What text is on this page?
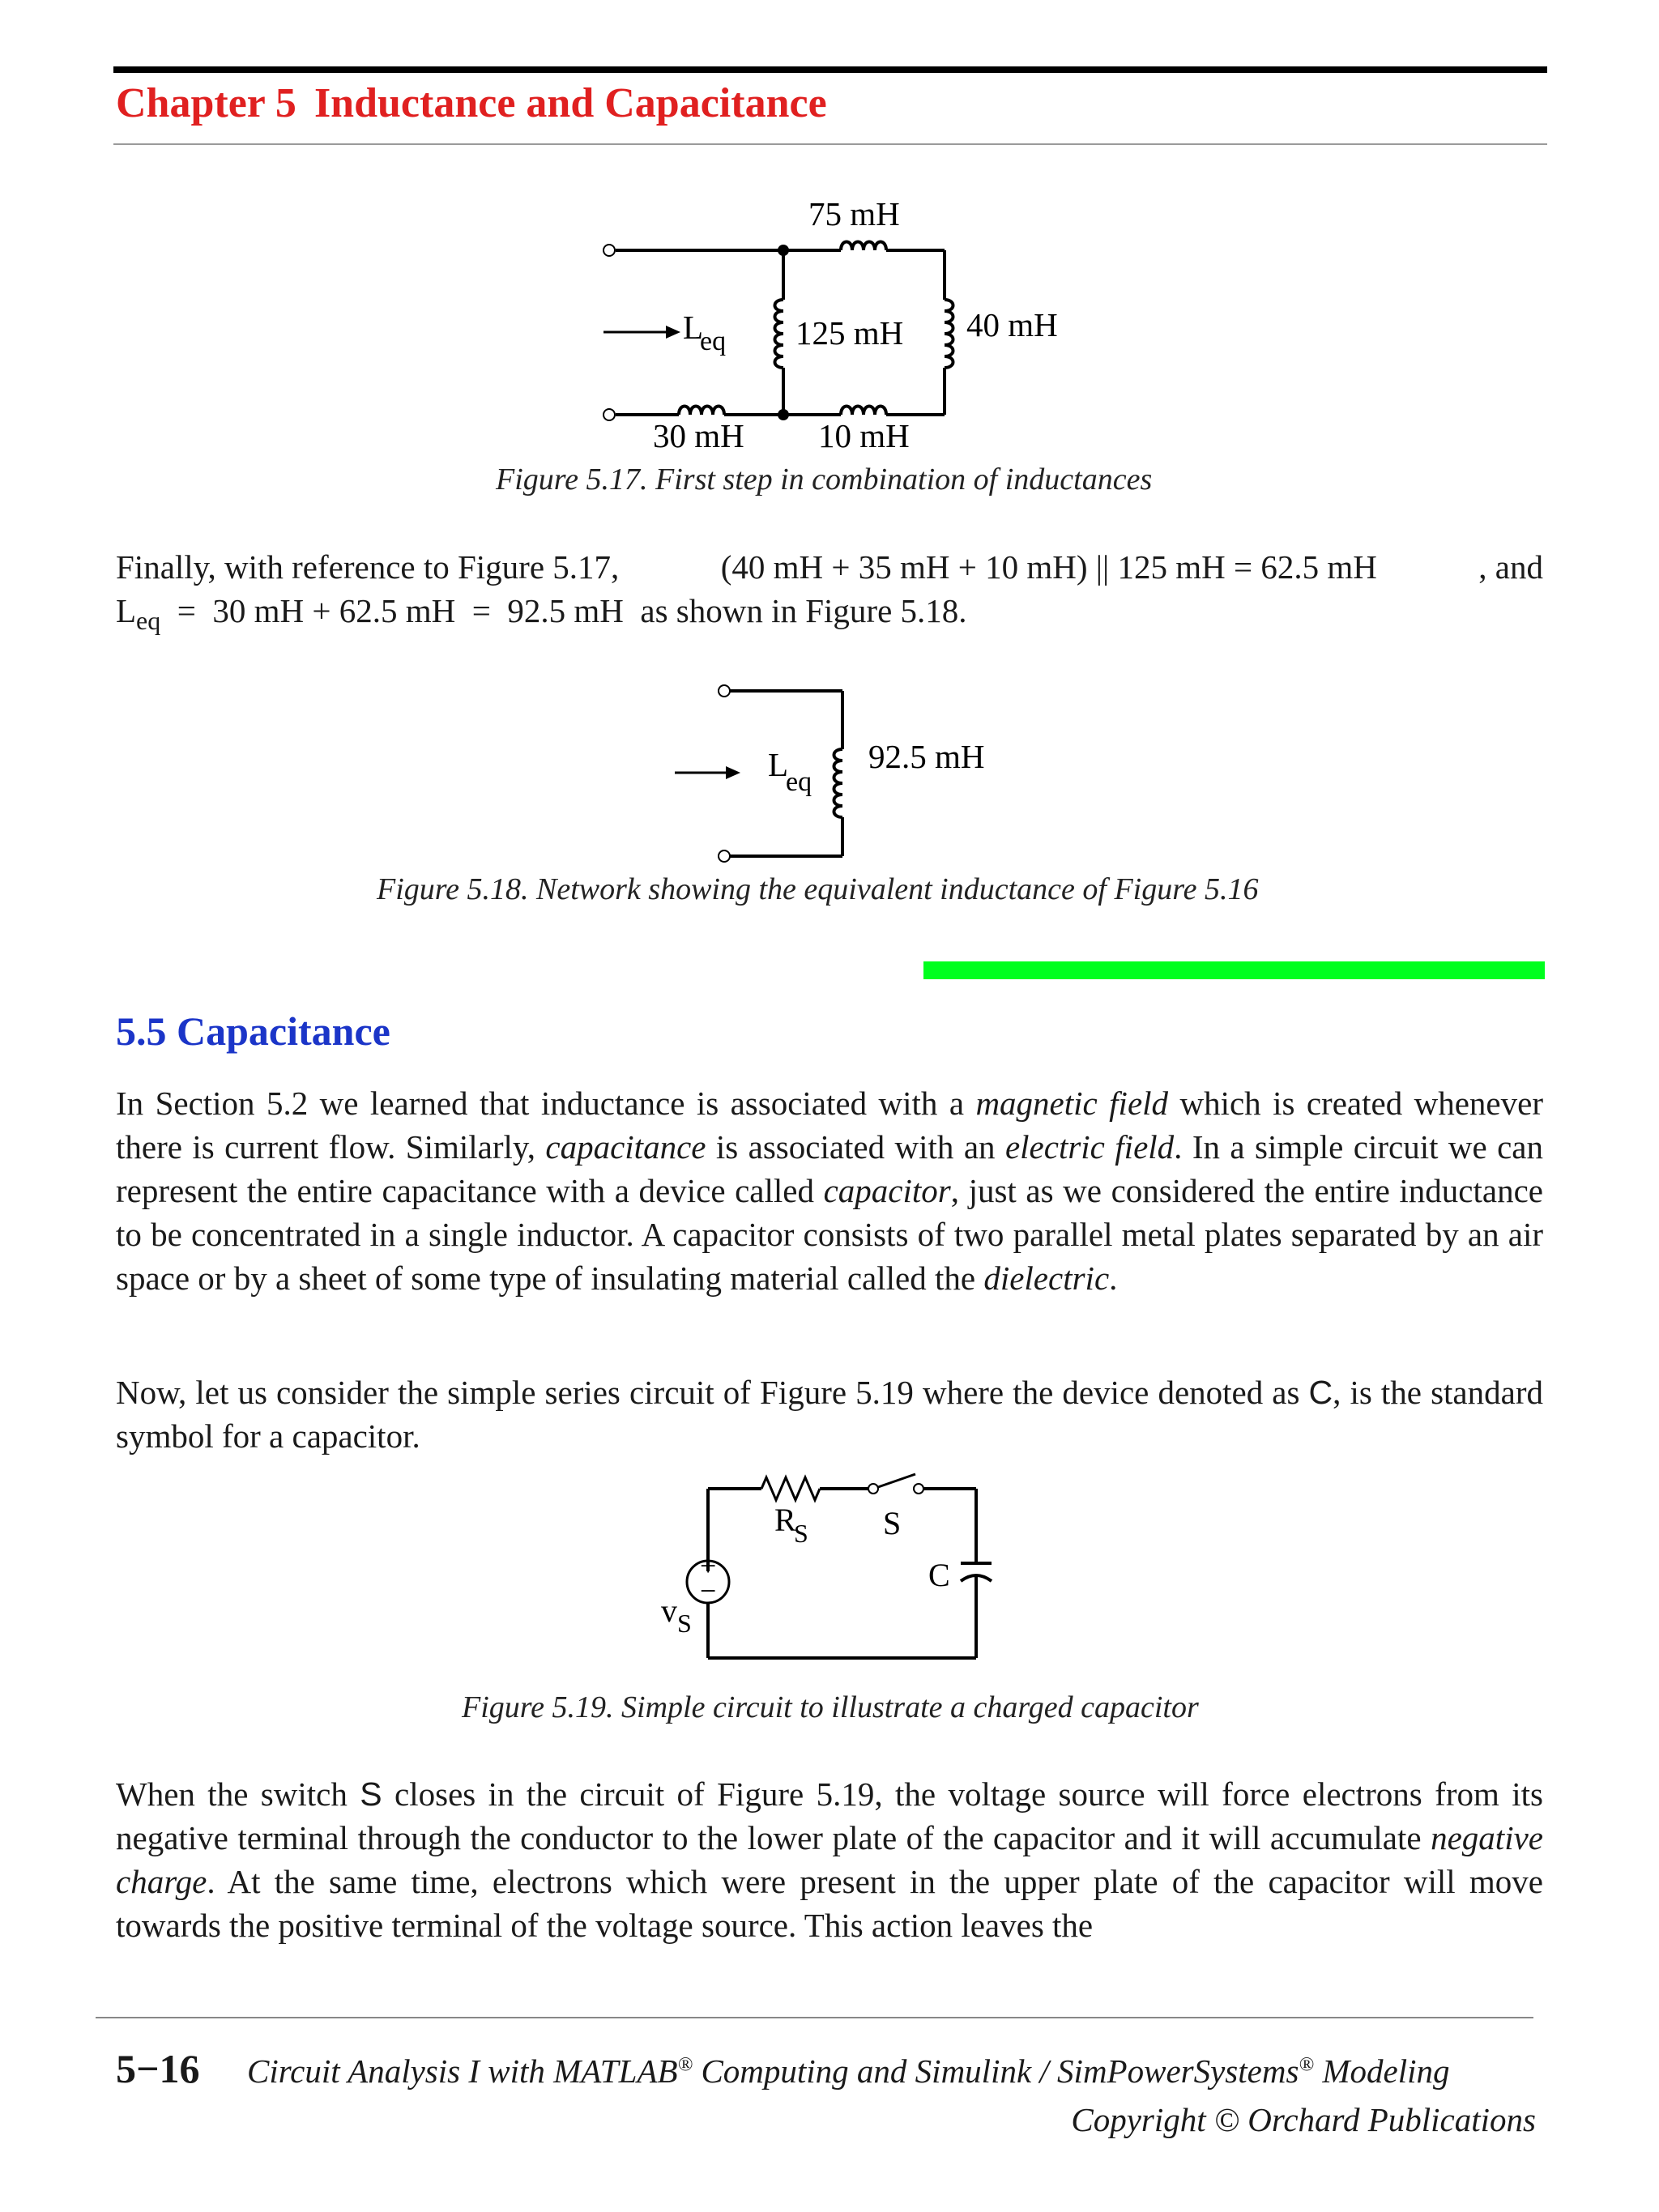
Chapter 5 Inductance and Capacitance
75 mH
125 mH 40 mH
30 mH 10 mH
L
eq
Figure 5.17. First step in combination of inductances
Finally, with reference to Figure 5.17,	(40 mH + 35 mH + 10 mH) || 125 mH = 62.5 mH	, and
$L_{eq} = 30$ mH + 62.5 mH  =  92.5 mH  as shown in Figure 5.18.
L
eq
92.5 mH
Figure 5.18. Network showing the equivalent inductance of Figure 5.16
5.5 Capacitance

In Section 5.2 we learned that inductance is associated with a magnetic field which is created whenever there is current flow. Similarly, capacitance is associated with an electric field. In a simple circuit we can represent the entire capacitance with a device called capacitor, just as we considered the entire inductance to be concentrated in a single inductor. A capacitor consists of two parallel metal plates separated by an air space or by a sheet of some type of insulating material called the dielectric.

Now, let us consider the simple series circuit of Figure 5.19 where the device denoted as C, is the standard symbol for a capacitor.

+
−
R
S S
C
v S
Figure 5.19. Simple circuit to illustrate a charged capacitor

When the switch S closes in the circuit of Figure 5.19, the voltage source will force electrons from its negative terminal through the conductor to the lower plate of the capacitor and it will accumulate negative charge. At the same time, electrons which were present in the upper plate of the capacitor will move towards the positive terminal of the voltage source. This action leaves the

5−16 Circuit Analysis I with MATLAB® Computing and Simulink / SimPowerSystems® Modeling
Copyright © Orchard Publications
